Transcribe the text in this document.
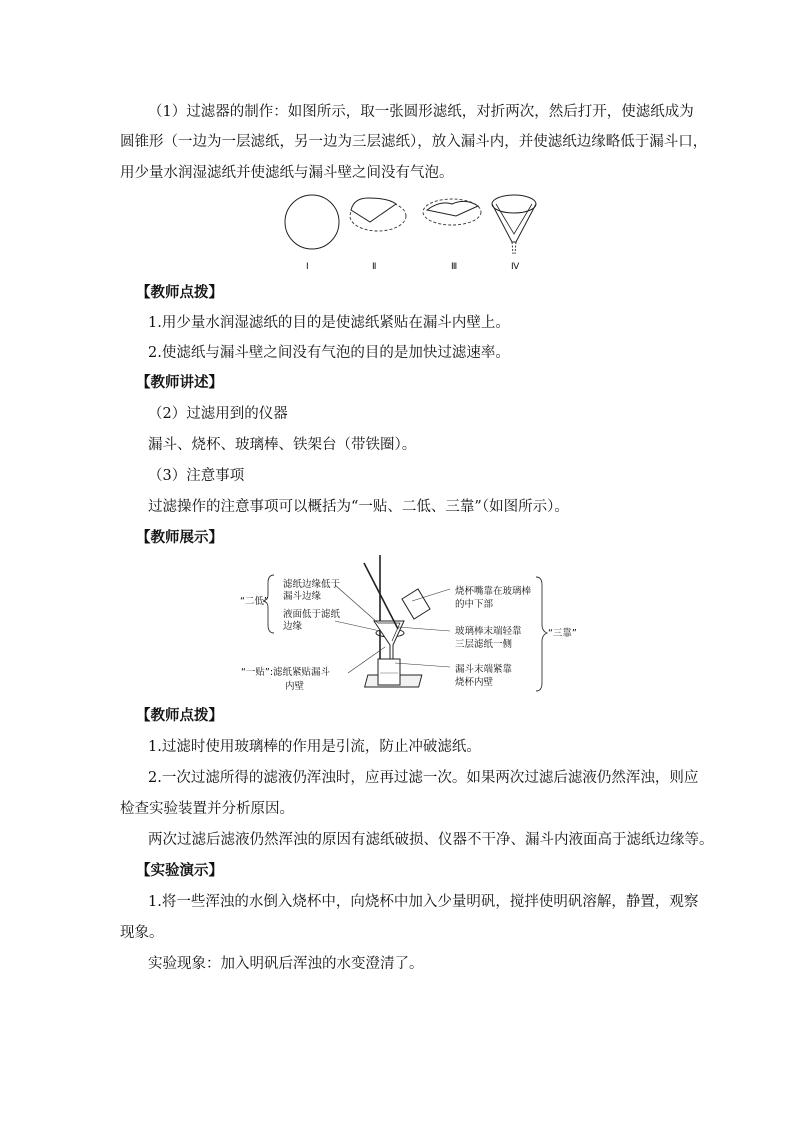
（1）过滤器的制作：如图所示，取一张圆形滤纸，对折两次，然后打开，使滤纸成为
圆锥形（一边为一层滤纸，另一边为三层滤纸），放入漏斗内，并使滤纸边缘略低于漏斗口，
用少量水润湿滤纸并使滤纸与漏斗壁之间没有气泡。
Ⅰ	Ⅱ	Ⅲ	Ⅳ
【教师点拨】
1.用少量水润湿滤纸的目的是使滤纸紧贴在漏斗内壁上。
2.使滤纸与漏斗壁之间没有气泡的目的是加快过滤速率。
【教师讲述】
（2）过滤用到的仪器
漏斗、烧杯、玻璃棒、铁架台（带铁圈）。
（3）注意事项
过滤操作的注意事项可以概括为“一贴、二低、三靠”（如图所示）。
【教师展示】
“二低”
滤纸边缘低于
漏斗边缘
液面低于滤纸
边缘
“一贴”:滤纸紧贴漏斗
内壁
烧杯嘴靠在玻璃棒
的中下部
玻璃棒末端轻靠
三层滤纸一侧
漏斗末端紧靠
烧杯内壁
“三靠”
【教师点拨】
1.过滤时使用玻璃棒的作用是引流，防止冲破滤纸。
2.一次过滤所得的滤液仍浑浊时，应再过滤一次。如果两次过滤后滤液仍然浑浊，则应
检查实验装置并分析原因。
两次过滤后滤液仍然浑浊的原因有滤纸破损、仪器不干净、漏斗内液面高于滤纸边缘等。
【实验演示】
1.将一些浑浊的水倒入烧杯中，向烧杯中加入少量明矾，搅拌使明矾溶解，静置，观察
现象。
实验现象：加入明矾后浑浊的水变澄清了。
